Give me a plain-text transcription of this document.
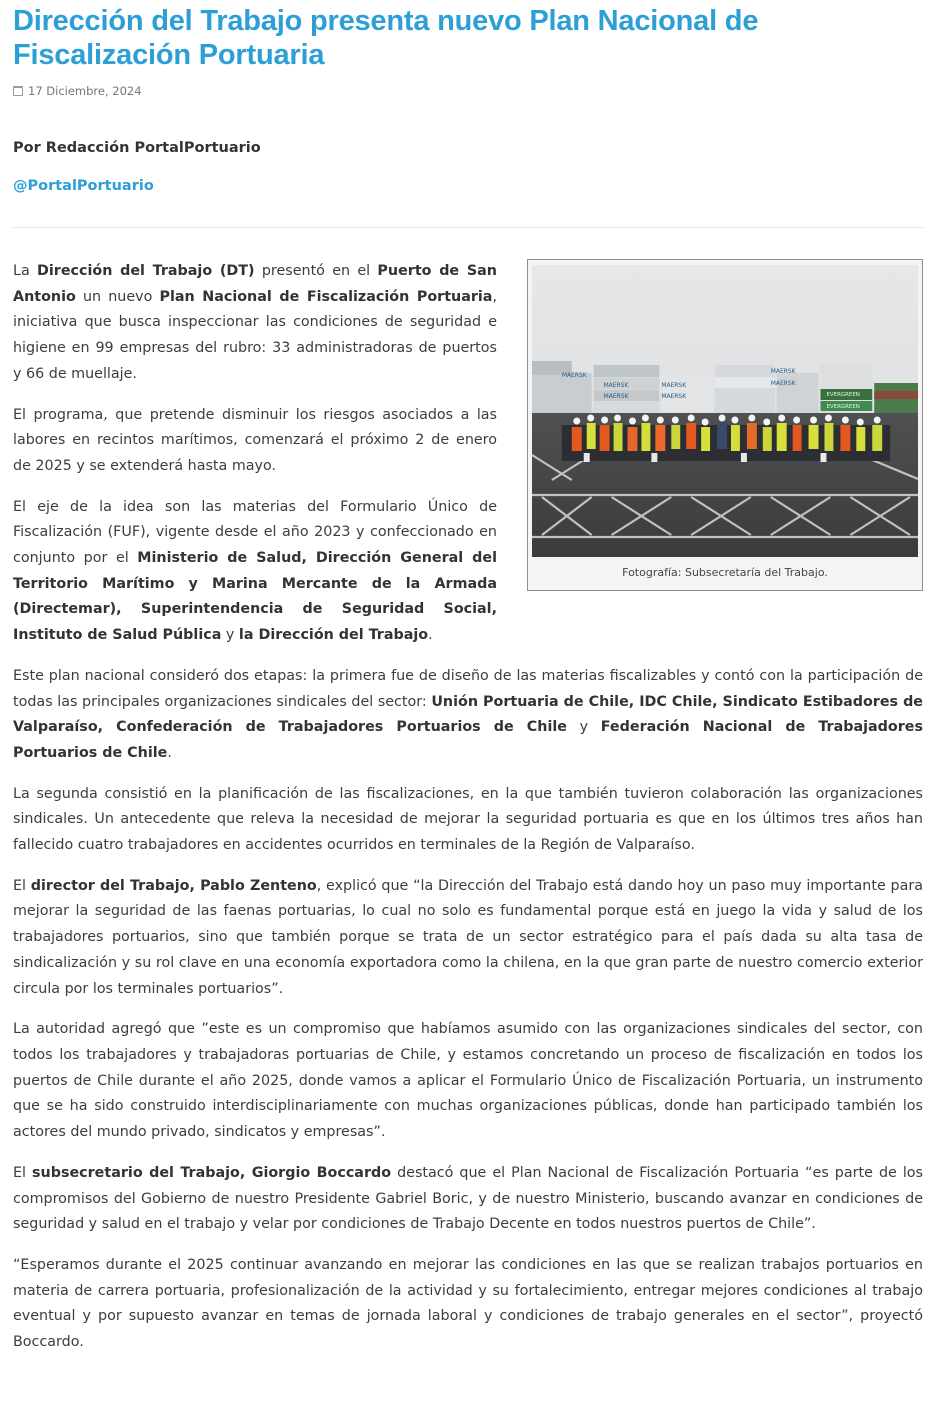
Dirección del Trabajo presenta nuevo Plan Nacional de Fiscalización Portuaria
17 Diciembre, 2024
Por Redacción PortalPortuario
@PortalPortuario
MAERSK
MAERSK
MAERSK
MAERSK
MAERSK
MAERSK
MAERSK
EVERGREEN
EVERGREEN
Fotografía: Subsecretaría del Trabajo.

La Dirección del Trabajo (DT) presentó en el Puerto de San Antonio un nuevo Plan Nacional de Fiscalización Portuaria, iniciativa que busca inspeccionar las condiciones de seguridad e higiene en 99 empresas del rubro: 33 administradoras de puertos y 66 de muellaje.

El programa, que pretende disminuir los riesgos asociados a las labores en recintos marítimos, comenzará el próximo 2 de enero de 2025 y se extenderá hasta mayo.

El eje de la idea son las materias del Formulario Único de Fiscalización (FUF), vigente desde el año 2023 y confeccionado en conjunto por el Ministerio de Salud, Dirección General del Territorio Marítimo y Marina Mercante de la Armada (Directemar), Superintendencia de Seguridad Social, Instituto de Salud Pública y la Dirección del Trabajo.

Este plan nacional consideró dos etapas: la primera fue de diseño de las materias fiscalizables y contó con la participación de todas las principales organizaciones sindicales del sector: Unión Portuaria de Chile, IDC Chile, Sindicato Estibadores de Valparaíso, Confederación de Trabajadores Portuarios de Chile y Federación Nacional de Trabajadores Portuarios de Chile.

La segunda consistió en la planificación de las fiscalizaciones, en la que también tuvieron colaboración las organizaciones sindicales. Un antecedente que releva la necesidad de mejorar la seguridad portuaria es que en los últimos tres años han fallecido cuatro trabajadores en accidentes ocurridos en terminales de la Región de Valparaíso.

El director del Trabajo, Pablo Zenteno, explicó que “la Dirección del Trabajo está dando hoy un paso muy importante para mejorar la seguridad de las faenas portuarias, lo cual no solo es fundamental porque está en juego la vida y salud de los trabajadores portuarios, sino que también porque se trata de un sector estratégico para el país dada su alta tasa de sindicalización y su rol clave en una economía exportadora como la chilena, en la que gran parte de nuestro comercio exterior circula por los terminales portuarios”.

La autoridad agregó que ”este es un compromiso que habíamos asumido con las organizaciones sindicales del sector, con todos los trabajadores y trabajadoras portuarias de Chile, y estamos concretando un proceso de fiscalización en todos los puertos de Chile durante el año 2025, donde vamos a aplicar el Formulario Único de Fiscalización Portuaria, un instrumento que se ha sido construido interdisciplinariamente con muchas organizaciones públicas, donde han participado también los actores del mundo privado, sindicatos y empresas”.

El subsecretario del Trabajo, Giorgio Boccardo destacó que el Plan Nacional de Fiscalización Portuaria “es parte de los compromisos del Gobierno de nuestro Presidente Gabriel Boric, y de nuestro Ministerio, buscando avanzar en condiciones de seguridad y salud en el trabajo y velar por condiciones de Trabajo Decente en todos nuestros puertos de Chile”.

“Esperamos durante el 2025 continuar avanzando en mejorar las condiciones en las que se realizan trabajos portuarios en materia de carrera portuaria, profesionalización de la actividad y su fortalecimiento, entregar mejores condiciones al trabajo eventual y por supuesto avanzar en temas de jornada laboral y condiciones de trabajo generales en el sector”, proyectó Boccardo.
